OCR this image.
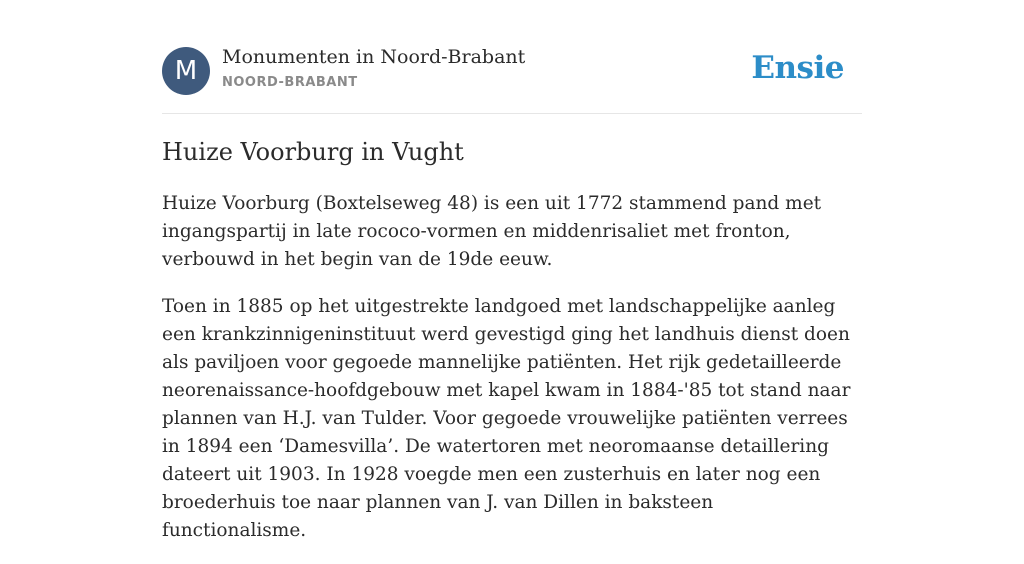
M	Monumenten in Noord-Brabant
NOORD-BRABANT	Ensie
Huize Voorburg in Vught

Huize Voorburg (Boxtelseweg 48) is een uit 1772 stammend pand met ingangspartij in late rococo-vormen en middenrisaliet met fronton, verbouwd in het begin van de 19de eeuw.

Toen in 1885 op het uitgestrekte landgoed met landschappelijke aanleg een krankzinnigeninstituut werd gevestigd ging het landhuis dienst doen als paviljoen voor gegoede mannelijke patiënten. Het rijk gedetailleerde neorenaissance-hoofdgebouw met kapel kwam in 1884-'85 tot stand naar plannen van H.J. van Tulder. Voor gegoede vrouwelijke patiënten verrees in 1894 een ‘Damesvilla’. De watertoren met neoromaanse detaillering dateert uit 1903. In 1928 voegde men een zusterhuis en later nog een broederhuis toe naar plannen van J. van Dillen in baksteen functionalisme.
